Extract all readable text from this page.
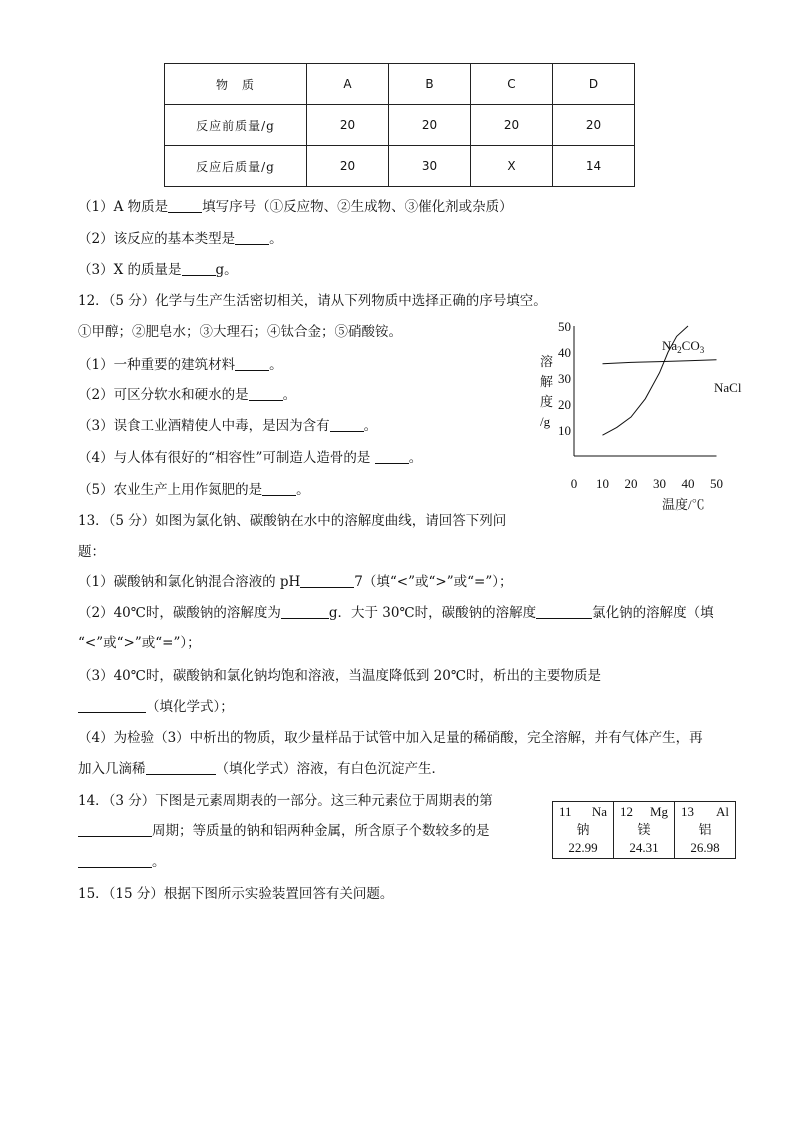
物　质	A	B	C	D
反应前质量/g	20	20	20	20
反应后质量/g	20	30	X	14
（1）A 物质是	填写序号（①反应物、②生成物、③催化剂或杂质）
（2）该反应的基本类型是	。
（3）X 的质量是	g。
12．（5 分）化学与生产生活密切相关，请从下列物质中选择正确的序号填空。
①甲醇；②肥皂水；③大理石；④钛合金；⑤硝酸铵。
（1）一种重要的建筑材料	。
（2）可区分软水和硬水的是	。
（3）误食工业酒精使人中毒，是因为含有	。
（4）与人体有很好的“相容性”可制造人造骨的是	。
（5）农业生产上用作氮肥的是	。
溶
解
度
/g
0 10 20 30 40 50
10
20
30
40
50
$Na_2CO_3$
NaCl
温度/℃
13．（5 分）如图为氯化钠、碳酸钠在水中的溶解度曲线，请回答下列问
题：
（1）碳酸钠和氯化钠混合溶液的 pH	7（填“<”或“>”或“=”）；
（2）40℃时，碳酸钠的溶解度为	g．大于 30℃时，碳酸钠的溶解度	氯化钠的溶解度（填
“<”或“>”或“=”）；
（3）40℃时，碳酸钠和氯化钠均饱和溶液，当温度降低到 20℃时，析出的主要物质是
（填化学式）；
（4）为检验（3）中析出的物质，取少量样品于试管中加入足量的稀硝酸，完全溶解，并有气体产生，再
加入几滴稀	（填化学式）溶液，有白色沉淀产生．
14．（3 分）下图是元素周期表的一部分。这三种元素位于周期表的第
周期；等质量的钠和铝两种金属，所含原子个数较多的是
。
11 Na
钠
22.99

12 Mg
镁
24.31

13 Al
铝
26.98
15．（15 分）根据下图所示实验装置回答有关问题。
